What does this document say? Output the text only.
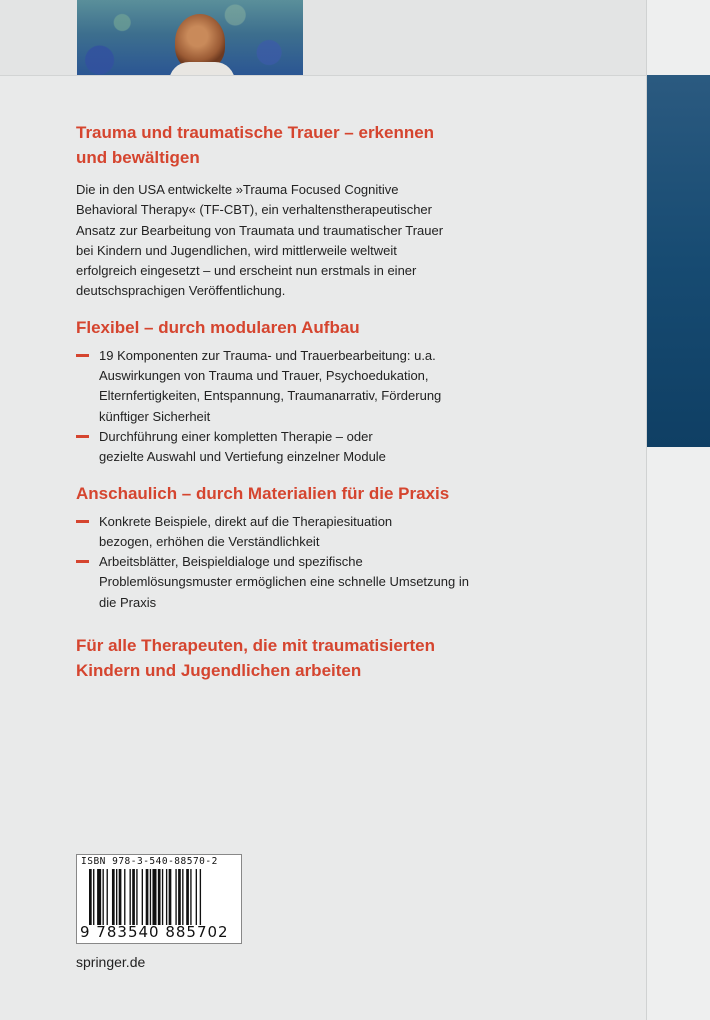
Trauma und traumatische Trauer – erkennen und bewältigen

Die in den USA entwickelte »Trauma Focused Cognitive Behavioral Therapy« (TF-CBT), ein verhaltenstherapeutischer Ansatz zur Bearbeitung von Traumata und traumatischer Trauer bei Kindern und Jugendlichen, wird mittlerweile weltweit erfolgreich eingesetzt – und erscheint nun erstmals in einer deutschsprachigen Veröffentlichung.

Flexibel – durch modularen Aufbau
19 Komponenten zur Trauma- und Trauerbearbeitung: u.a. Auswirkungen von Trauma und Trauer, Psychoedukation, Elternfertigkeiten, Entspannung, Traumanarrativ, Förderung künftiger Sicherheit
Durchführung einer kompletten Therapie – oder gezielte Auswahl und Vertiefung einzelner Module
Anschaulich – durch Materialien für die Praxis
Konkrete Beispiele, direkt auf die Therapiesituation bezogen, erhöhen die Verständlichkeit
Arbeitsblätter, Beispieldialoge und spezifische Problemlösungsmuster ermöglichen eine schnelle Umsetzung in die Praxis
Für alle Therapeuten, die mit traumatisierten Kindern und Jugendlichen arbeiten
ISBN 978-3-540-88570-2
9 783540 885702
springer.de
